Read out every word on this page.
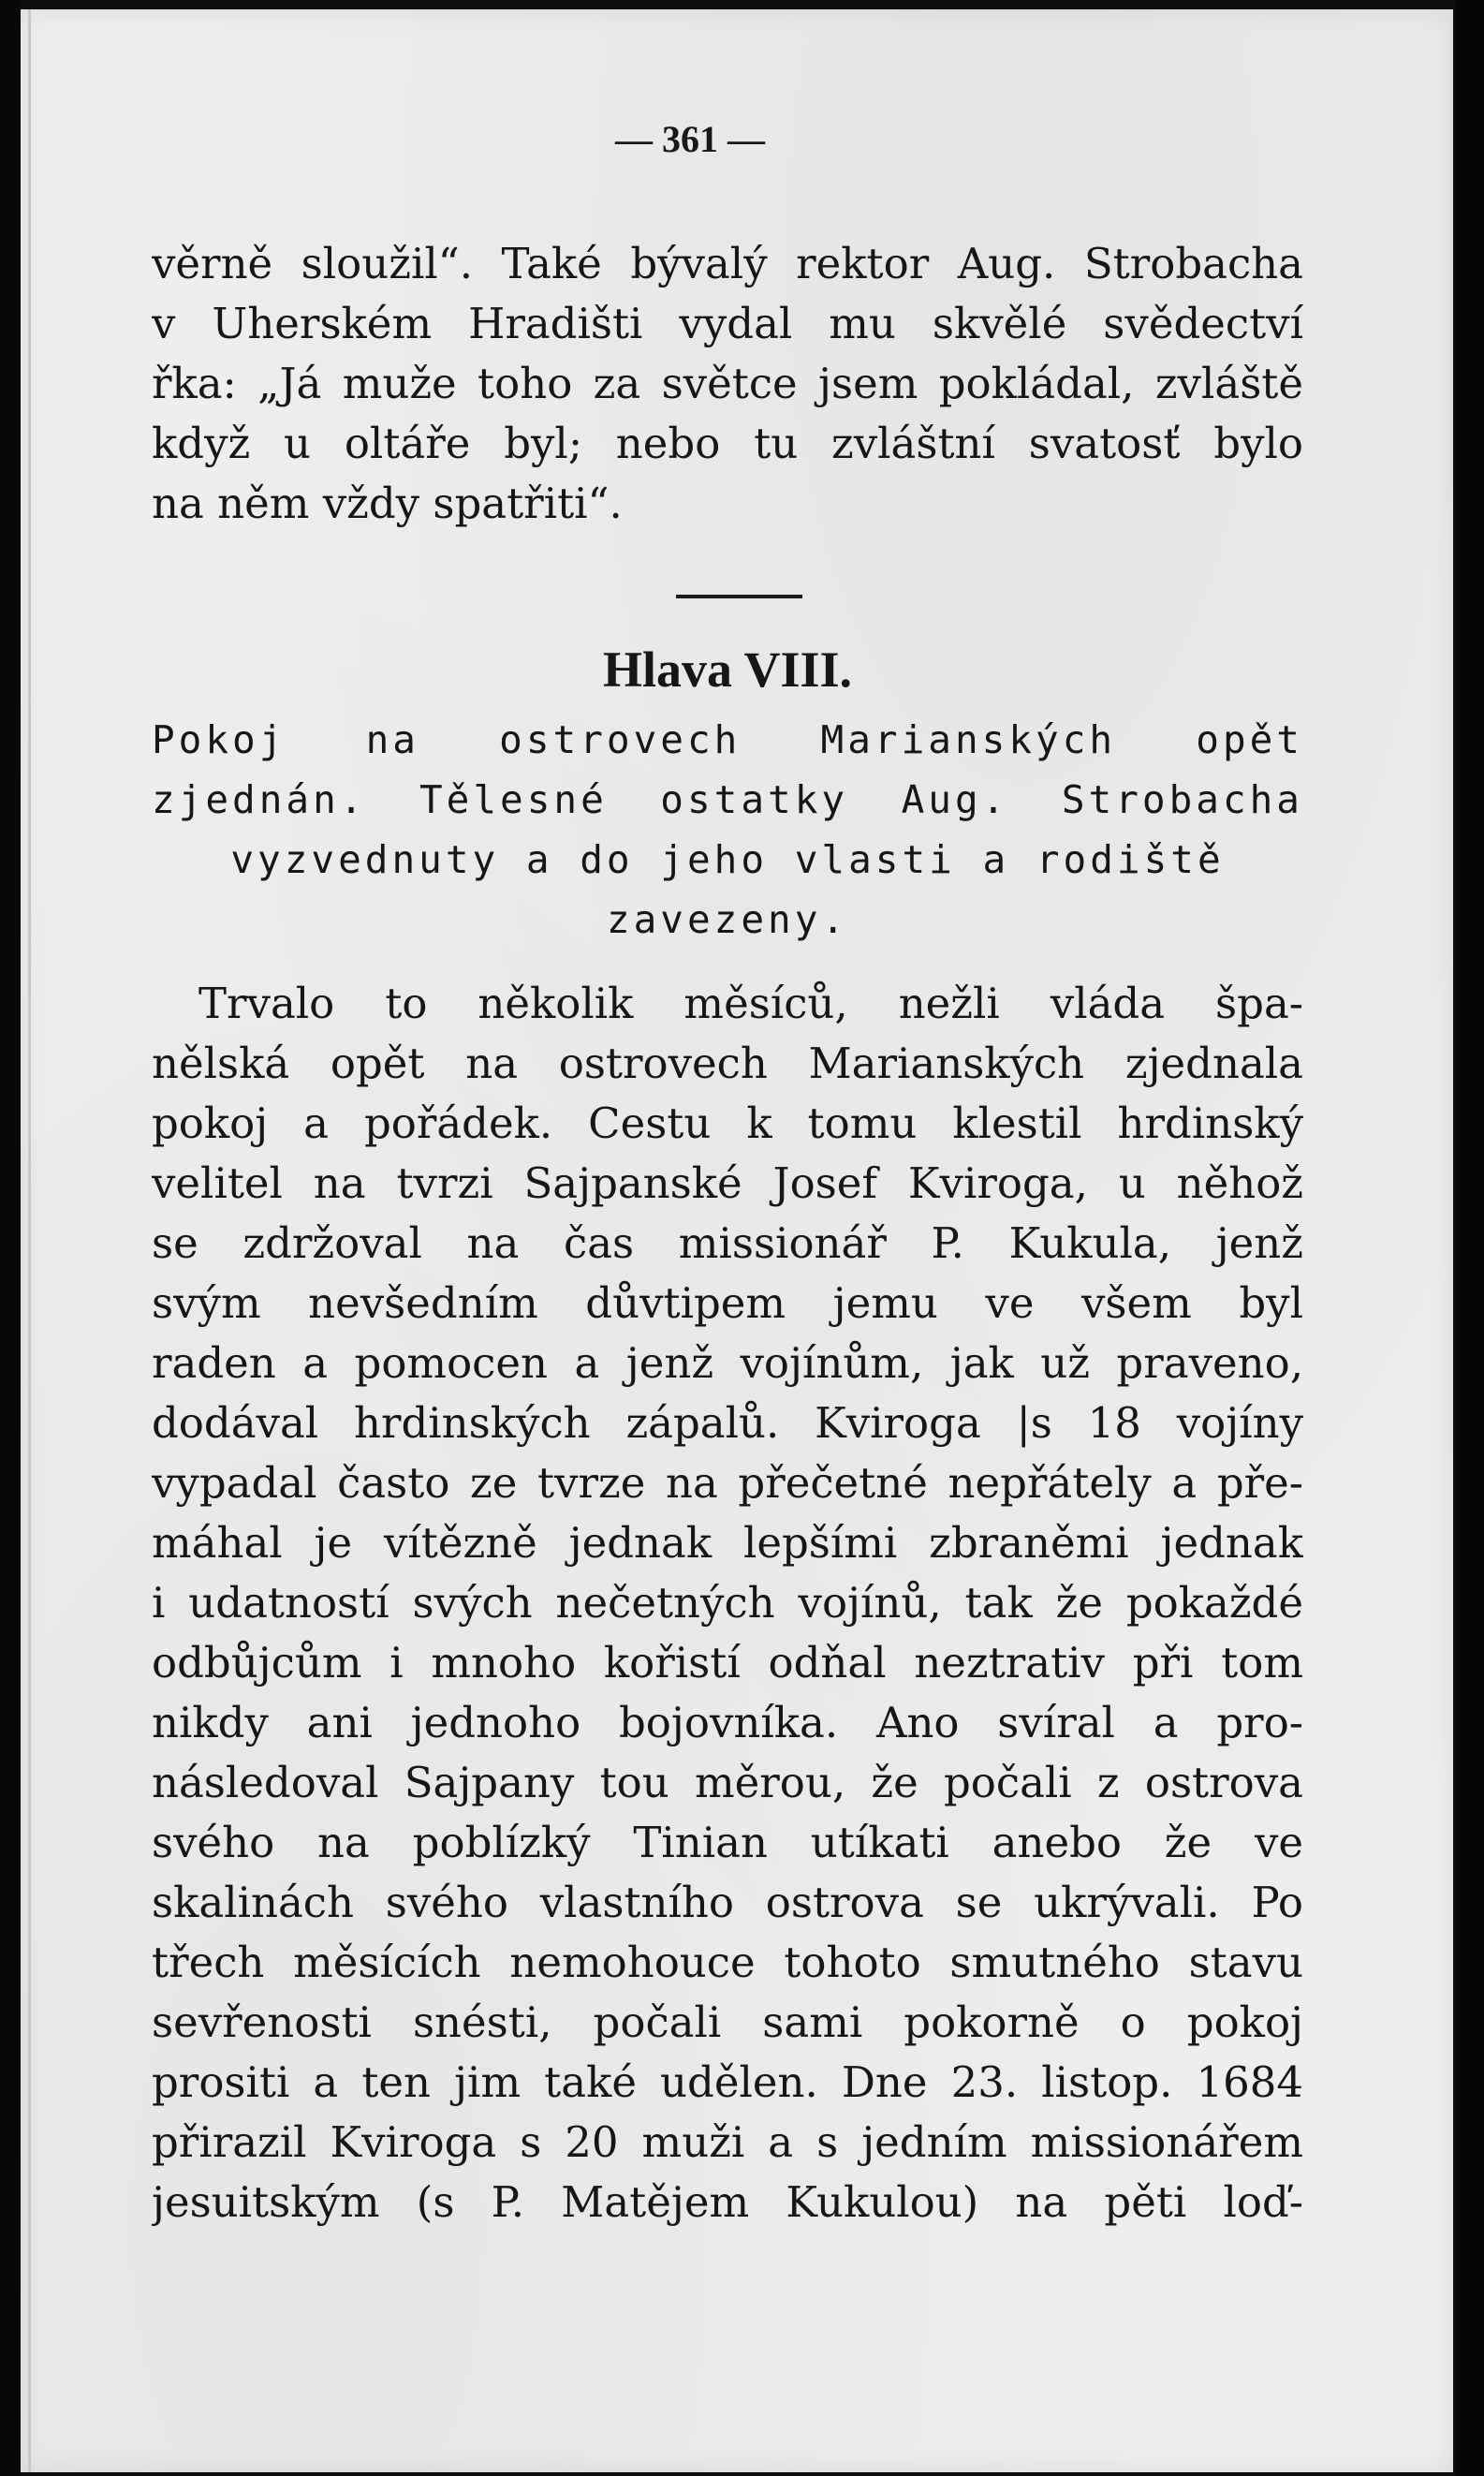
— 361 —
věrně sloužil“. Také bývalý rektor Aug. Strobacha
v Uherském Hradišti vydal mu skvělé svědectví
řka: „Já muže toho za světce jsem pokládal, zvláště
když u oltáře byl; nebo tu zvláštní svatosť bylo
na něm vždy spatřiti“.
Hlava VIII.
Pokoj na ostrovech Marianských opět
zjednán. Tělesné ostatky Aug. Strobacha
vyzvednuty a do jeho vlasti a rodiště
zavezeny.
Trvalo to několik měsíců, nežli vláda špa-
nělská opět na ostrovech Marianských zjednala
pokoj a pořádek. Cestu k tomu klestil hrdinský
velitel na tvrzi Sajpanské Josef Kviroga, u něhož
se zdržoval na čas missionář P. Kukula, jenž
svým nevšedním důvtipem jemu ve všem byl
raden a pomocen a jenž vojínům, jak už praveno,
dodával hrdinských zápalů. Kviroga |s 18 vojíny
vypadal často ze tvrze na přečetné nepřátely a pře-
máhal je vítězně jednak lepšími zbraněmi jednak
i udatností svých nečetných vojínů, tak že pokaždé
odbůjcům i mnoho kořistí odňal neztrativ při tom
nikdy ani jednoho bojovníka. Ano svíral a pro-
následoval Sajpany tou měrou, že počali z ostrova
svého na poblízký Tinian utíkati anebo že ve
skalinách svého vlastního ostrova se ukrývali. Po
třech měsících nemohouce tohoto smutného stavu
sevřenosti snésti, počali sami pokorně o pokoj
prositi a ten jim také udělen. Dne 23. listop. 1684
přirazil Kviroga s 20 muži a s jedním missionářem
jesuitským (s P. Matějem Kukulou) na pěti loď-
